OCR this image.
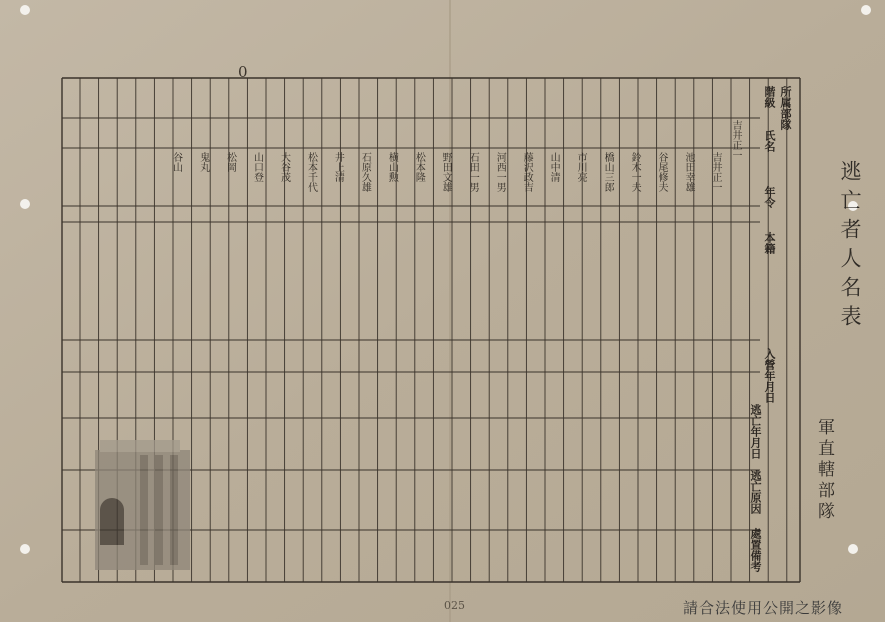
0
逃亡者人名表
軍直轄部隊
所属部隊
階級
氏名
年令
本籍
入營年月日
逃亡年月日
逃亡原因
處置備考
吉井正一
吉井正一
池田幸雄
谷尾修夫
鈴木一夫
橋山三郎
市川亮
山中清
藤沢政吉
河西一男
石田一男
野田文雄
松本隆
横山勲
石原久雄
井上清
松本千代
大谷茂
山口登
松岡
鬼丸
谷山
025	請合法使用公開之影像
